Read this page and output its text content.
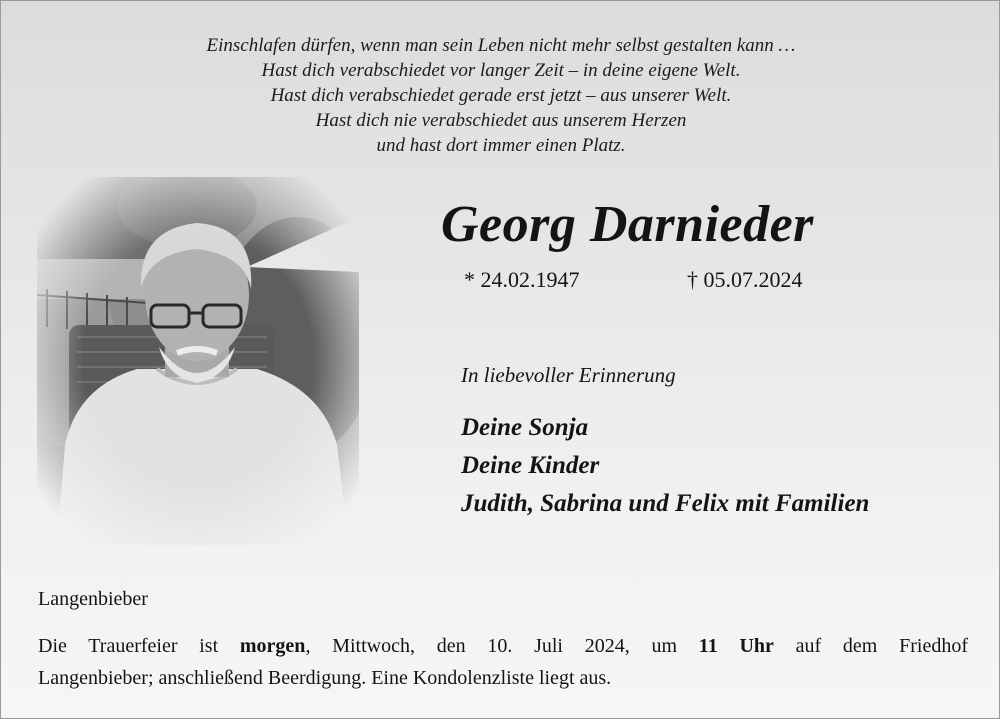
Einschlafen dürfen, wenn man sein Leben nicht mehr selbst gestalten kann …
Hast dich verabschiedet vor langer Zeit – in deine eigene Welt.
Hast dich verabschiedet gerade erst jetzt – aus unserer Welt.
Hast dich nie verabschiedet aus unserem Herzen
und hast dort immer einen Platz.
Georg Darnieder
* 24.02.1947	† 05.07.2024
In liebevoller Erinnerung
Deine Sonja
Deine Kinder
Judith, Sabrina und Felix mit Familien
Langenbieber
Die Trauerfeier ist morgen, Mittwoch, den 10. Juli 2024, um 11 Uhr auf dem Friedhof
Langenbieber; anschließend Beerdigung. Eine Kondolenzliste liegt aus.
